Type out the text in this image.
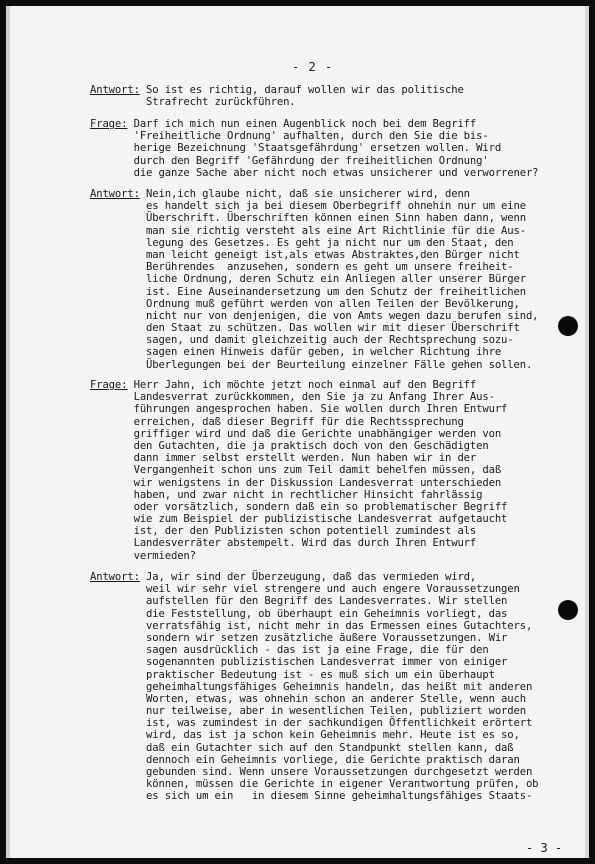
- 2 -
Antwort: So ist es richtig, darauf wollen wir das politische
Strafrecht zurückführen.
Frage: Darf ich mich nun einen Augenblick noch bei dem Begriff
'Freiheitliche Ordnung' aufhalten, durch den Sie die bis-
herige Bezeichnung 'Staatsgefährdung' ersetzen wollen. Wird
durch den Begriff 'Gefährdung der freiheitlichen Ordnung'
die ganze Sache aber nicht noch etwas unsicherer und verworrener?
Antwort: Nein,ich glaube nicht, daß sie unsicherer wird, denn
es handelt sich ja bei diesem Oberbegriff ohnehin nur um eine
Überschrift. Überschriften können einen Sinn haben dann, wenn
man sie richtig versteht als eine Art Richtlinie für die Aus-
legung des Gesetzes. Es geht ja nicht nur um den Staat, den
man leicht geneigt ist,als etwas Abstraktes,den Bürger nicht
Berührendes  anzusehen, sondern es geht um unsere freiheit-
liche Ordnung, deren Schutz ein Anliegen aller unserer Bürger
ist. Eine Auseinandersetzung um den Schutz der freiheitlichen
Ordnung muß geführt werden von allen Teilen der Bevölkerung,
nicht nur von denjenigen, die von Amts wegen dazu berufen sind,
den Staat zu schützen. Das wollen wir mit dieser Überschrift
sagen, und damit gleichzeitig auch der Rechtsprechung sozu-
sagen einen Hinweis dafür geben, in welcher Richtung ihre
Überlegungen bei der Beurteilung einzelner Fälle gehen sollen.
Frage: Herr Jahn, ich möchte jetzt noch einmal auf den Begriff
Landesverrat zurückkommen, den Sie ja zu Anfang Ihrer Aus-
führungen angesprochen haben. Sie wollen durch Ihren Entwurf
erreichen, daß dieser Begriff für die Rechtssprechung
griffiger wird und daß die Gerichte unabhängiger werden von
den Gutachten, die ja praktisch doch von den Geschädigten
dann immer selbst erstellt werden. Nun haben wir in der
Vergangenheit schon uns zum Teil damit behelfen müssen, daß
wir wenigstens in der Diskussion Landesverrat unterschieden
haben, und zwar nicht in rechtlicher Hinsicht fahrlässig
oder vorsätzlich, sondern daß ein so problematischer Begriff
wie zum Beispiel der publizistische Landesverrat aufgetaucht
ist, der den Publizisten schon potentiell zumindest als
Landesverräter abstempelt. Wird das durch Ihren Entwurf
vermieden?
Antwort: Ja, wir sind der Überzeugung, daß das vermieden wird,
weil wir sehr viel strengere und auch engere Voraussetzungen
aufstellen für den Begriff des Landesverrates. Wir stellen
die Feststellung, ob überhaupt ein Geheimnis vorliegt, das
verratsfähig ist, nicht mehr in das Ermessen eines Gutachters,
sondern wir setzen zusätzliche äußere Voraussetzungen. Wir
sagen ausdrücklich - das ist ja eine Frage, die für den
sogenannten publizistischen Landesverrat immer von einiger
praktischer Bedeutung ist - es muß sich um ein überhaupt
geheimhaltungsfähiges Geheimnis handeln, das heißt mit anderen
Worten, etwas, was ohnehin schon an anderer Stelle, wenn auch
nur teilweise, aber in wesentlichen Teilen, publiziert worden
ist, was zumindest in der sachkundigen Öffentlichkeit erörtert
wird, das ist ja schon kein Geheimnis mehr. Heute ist es so,
daß ein Gutachter sich auf den Standpunkt stellen kann, daß
dennoch ein Geheimnis vorliege, die Gerichte praktisch daran
gebunden sind. Wenn unsere Voraussetzungen durchgesetzt werden
können, müssen die Gerichte in eigener Verantwortung prüfen, ob
es sich um ein   in diesem Sinne geheimhaltungsfähiges Staats-
- 3 -
